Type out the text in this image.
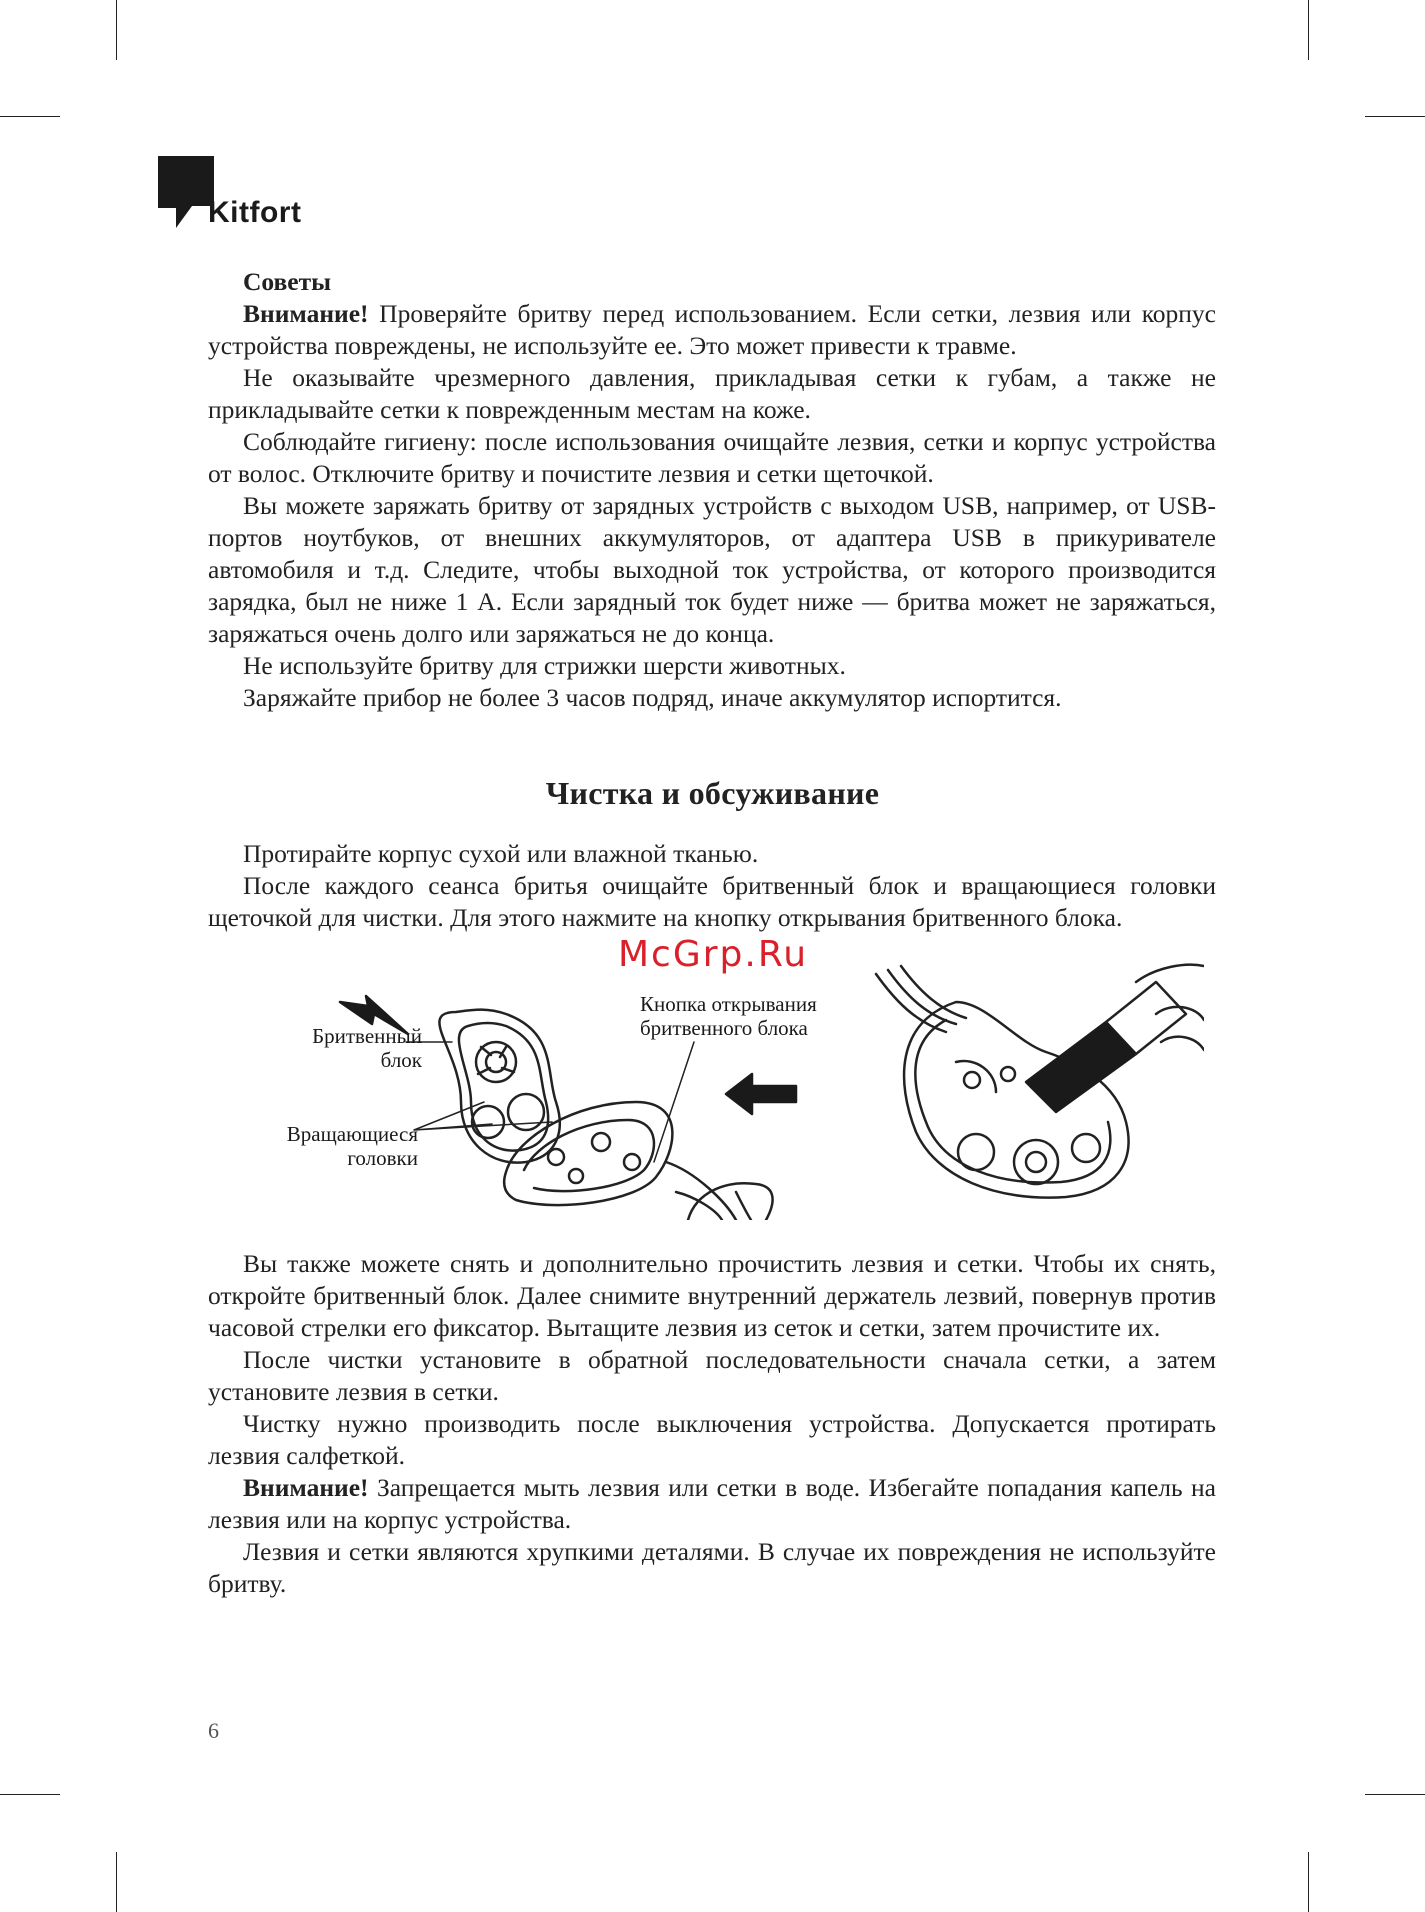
Kitfort

Советы

Внимание! Проверяйте бритву перед использованием. Если сетки, лезвия или корпус устройства повреждены, не используйте ее. Это может привести к травме.

Не оказывайте чрезмерного давления, прикладывая сетки к губам, а также не прикладывайте сетки к поврежденным местам на коже.

Соблюдайте гигиену: после использования очищайте лезвия, сетки и корпус устройства от волос. Отключите бритву и почистите лезвия и сетки щеточкой.

Вы можете заряжать бритву от зарядных устройств с выходом USB, например, от USB-портов ноутбуков, от внешних аккумуляторов, от адаптера USB в прикуривателе автомобиля и т.д. Следите, чтобы выходной ток устройства, от которого производится зарядка, был не ниже 1 А. Если зарядный ток будет ниже — бритва может не заряжаться, заряжаться очень долго или заряжаться не до конца.

Не используйте бритву для стрижки шерсти животных.

Заряжайте прибор не более 3 часов подряд, иначе аккумулятор испортится.

Чистка и обсуживание

Протирайте корпус сухой или влажной тканью.

После каждого сеанса бритья очищайте бритвенный блок и вращающиеся головки щеточкой для чистки. Для этого нажмите на кнопку открывания бритвенного блока.

McGrp.Ru
Бритвенный
блок
Вращающиеся
головки
Кнопка открывания
бритвенного блока

Вы также можете снять и дополнительно прочистить лезвия и сетки. Чтобы их снять, откройте бритвенный блок. Далее снимите внутренний держатель лезвий, повернув против часовой стрелки его фиксатор. Вытащите лезвия из сеток и сетки, затем прочистите их.

После чистки установите в обратной последовательности сначала сетки, а затем установите лезвия в сетки.

Чистку нужно производить после выключения устройства. Допускается протирать лезвия салфеткой.

Внимание! Запрещается мыть лезвия или сетки в воде. Избегайте попадания капель на лезвия или на корпус устройства.

Лезвия и сетки являются хрупкими деталями. В случае их повреждения не используйте бритву.

6
